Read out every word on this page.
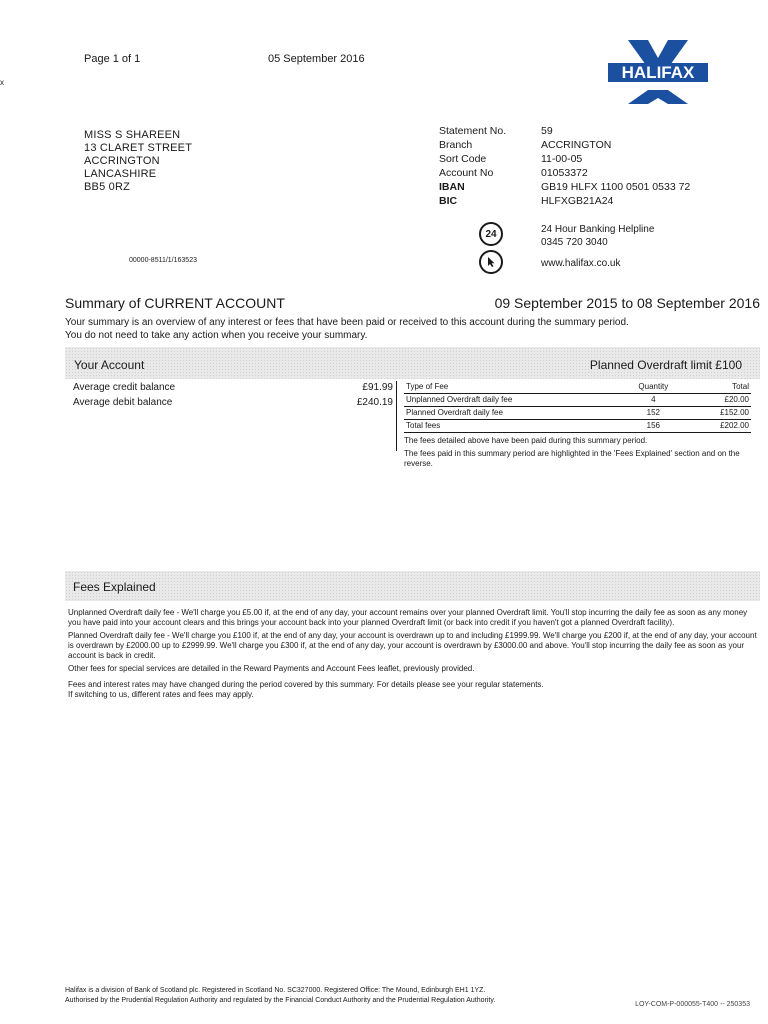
x
Page 1 of 1	05 September 2016
HALIFAX
MISS S SHAREEN
13 CLARET STREET
ACCRINGTON
LANCASHIRE
BB5 0RZ
00000-8511/1/163523
Statement No.	59
Branch	ACCRINGTON
Sort Code	11-00-05
Account No	01053372
IBAN	GB19 HLFX 1100 0501 0533 72
BIC	HLFXGB21A24
24	24 Hour Banking Helpline
0345 720 3040
www.halifax.co.uk
Summary of CURRENT ACCOUNT	09 September 2015 to 08 September 2016
Your summary is an overview of any interest or fees that have been paid or received to this account during the summary period.
You do not need to take any action when you receive your summary.
Your Account	Planned Overdraft limit £100
Average credit balance	£91.99
Average debit balance	£240.19
Type of Fee	Quantity	Total
Unplanned Overdraft daily fee	4	£20.00
Planned Overdraft daily fee	152	£152.00
Total fees	156	£202.00
The fees detailed above have been paid during this summary period.
The fees paid in this summary period are highlighted in the 'Fees Explained' section and on the reverse.
Fees Explained

Unplanned Overdraft daily fee - We'll charge you £5.00 if, at the end of any day, your account remains over your planned Overdraft limit. You'll stop incurring the daily fee as soon as any money you have paid into your account clears and this brings your account back into your planned Overdraft limit (or back into credit if you haven't got a planned Overdraft facility).

Planned Overdraft daily fee - We'll charge you £100 if, at the end of any day, your account is overdrawn up to and including £1999.99. We'll charge you £200 if, at the end of any day, your account is overdrawn by £2000.00 up to £2999.99. We'll charge you £300 if, at the end of any day, your account is overdrawn by £3000.00 and above. You'll stop incurring the daily fee as soon as your account is back in credit.

Other fees for special services are detailed in the Reward Payments and Account Fees leaflet, previously provided.

Fees and interest rates may have changed during the period covered by this summary. For details please see your regular statements.

If switching to us, different rates and fees may apply.

Halifax is a division of Bank of Scotland plc. Registered in Scotland No. SC327000. Registered Office: The Mound, Edinburgh EH1 1YZ.
Authorised by the Prudential Regulation Authority and regulated by the Financial Conduct Authority and the Prudential Regulation Authority.
LOY-COM-P-000055-T400 -- 250353
